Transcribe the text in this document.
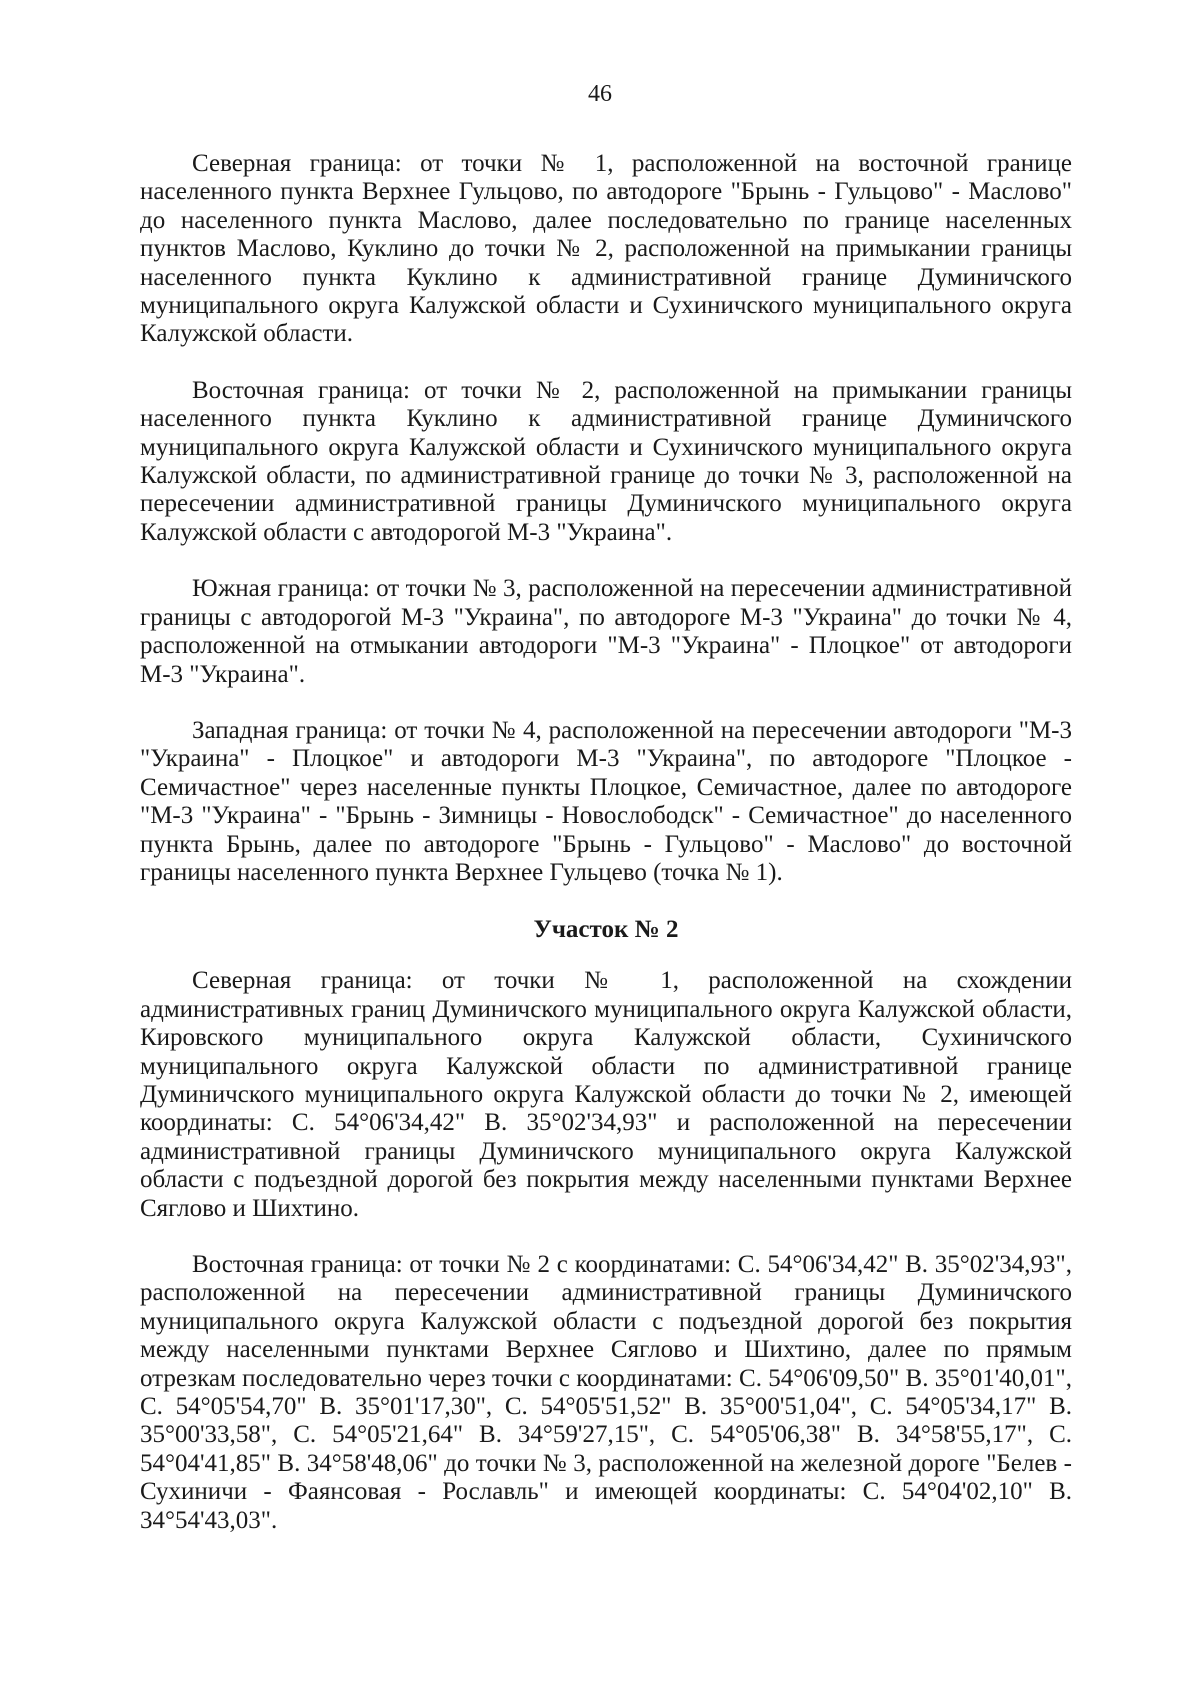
46

Северная граница: от точки № 1, расположенной на восточной границе населенного пункта Верхнее Гульцово, по автодороге "Брынь - Гульцово" - Маслово" до населенного пункта Маслово, далее последовательно по границе населенных пунктов Маслово, Куклино до точки № 2, расположенной на примыкании границы населенного пункта Куклино к административной границе Думиничского муниципального округа Калужской области и Сухиничского муниципального округа Калужской области.

Восточная граница: от точки № 2, расположенной на примыкании границы населенного пункта Куклино к административной границе Думиничского муниципального округа Калужской области и Сухиничского муниципального округа Калужской области, по административной границе до точки № 3, расположенной на пересечении административной границы Думиничского муниципального округа Калужской области с автодорогой М-3 "Украина".

Южная граница: от точки № 3, расположенной на пересечении административной границы с автодорогой М-3 "Украина", по автодороге М-3 "Украина" до точки № 4, расположенной на отмыкании автодороги "М-3 "Украина" - Плоцкое" от автодороги М-3 "Украина".

Западная граница: от точки № 4, расположенной на пересечении автодороги "М-3 "Украина" - Плоцкое" и автодороги М-3 "Украина", по автодороге "Плоцкое - Семичастное" через населенные пункты Плоцкое, Семичастное, далее по автодороге "М-3 "Украина" - "Брынь - Зимницы - Новослободск" - Семичастное" до населенного пункта Брынь, далее по автодороге "Брынь - Гульцово" - Маслово" до восточной границы населенного пункта Верхнее Гульцево (точка № 1).

Участок № 2

Северная граница: от точки № 1, расположенной на схождении административных границ Думиничского муниципального округа Калужской области, Кировского муниципального округа Калужской области, Сухиничского муниципального округа Калужской области по административной границе Думиничского муниципального округа Калужской области до точки № 2, имеющей координаты: С. 54°06'34,42" В. 35°02'34,93" и расположенной на пересечении административной границы Думиничского муниципального округа Калужской области с подъездной дорогой без покрытия между населенными пунктами Верхнее Сяглово и Шихтино.

Восточная граница: от точки № 2 с координатами: С. 54°06'34,42" В. 35°02'34,93", расположенной на пересечении административной границы Думиничского муниципального округа Калужской области с подъездной дорогой без покрытия между населенными пунктами Верхнее Сяглово и Шихтино, далее по прямым отрезкам последовательно через точки с координатами: С. 54°06'09,50" В. 35°01'40,01", С. 54°05'54,70" В. 35°01'17,30", С. 54°05'51,52" В. 35°00'51,04", С. 54°05'34,17" В. 35°00'33,58", С. 54°05'21,64" В. 34°59'27,15", С. 54°05'06,38" В. 34°58'55,17", С. 54°04'41,85" В. 34°58'48,06" до точки № 3, расположенной на железной дороге "Белев - Сухиничи - Фаянсовая - Рославль" и имеющей координаты: С. 54°04'02,10" В. 34°54'43,03".
